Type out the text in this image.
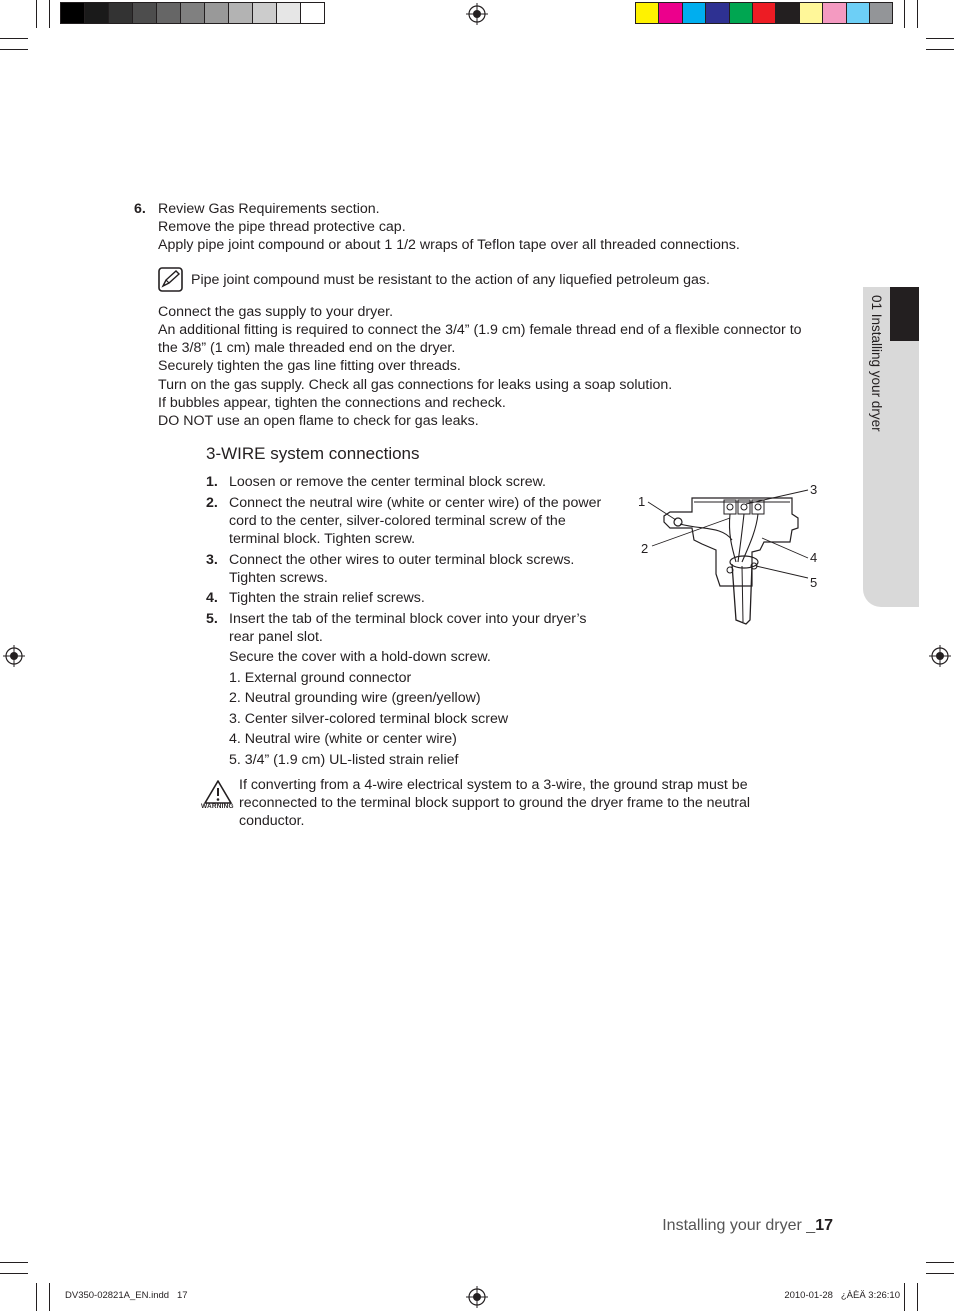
01 Installing your dryer
6. Review Gas Requirements section.
Remove the pipe thread protective cap.
Apply pipe joint compound or about 1 1/2 wraps of Teflon tape over all threaded connections.
Pipe joint compound must be resistant to the action of any liquefied petroleum gas.
Connect the gas supply to your dryer.
An additional fitting is required to connect the 3/4” (1.9 cm) female thread end of a flexible connector to
the 3/8” (1 cm) male threaded end on the dryer.
Securely tighten the gas line fitting over threads.
Turn on the gas supply. Check all gas connections for leaks using a soap solution.
If bubbles appear, tighten the connections and recheck.
DO NOT use an open flame to check for gas leaks.
3-WIRE system connections
1. Loosen or remove the center terminal block screw.
2. Connect the neutral wire (white or center wire) of the power
cord to the center, silver-colored terminal screw of the
terminal block. Tighten screw.
3. Connect the other wires to outer terminal block screws.
Tighten screws.
4. Tighten the strain relief screws.
5. Insert the tab of the terminal block cover into your dryer’s
rear panel slot.
Secure the cover with a hold-down screw.
1. External ground connector
2. Neutral grounding wire (green/yellow)
3. Center silver-colored terminal block screw
4. Neutral wire (white or center wire)
5. 3/4” (1.9 cm) UL-listed strain relief
1
2
3
4
5
WARNING
If converting from a 4-wire electrical system to a 3-wire, the ground strap must be
reconnected to the terminal block support to ground the dryer frame to the neutral
conductor.
Installing your dryer _17
DV350-02821A_EN.indd   17	2010-01-28   ¿ÀÈÄ 3:26:10
